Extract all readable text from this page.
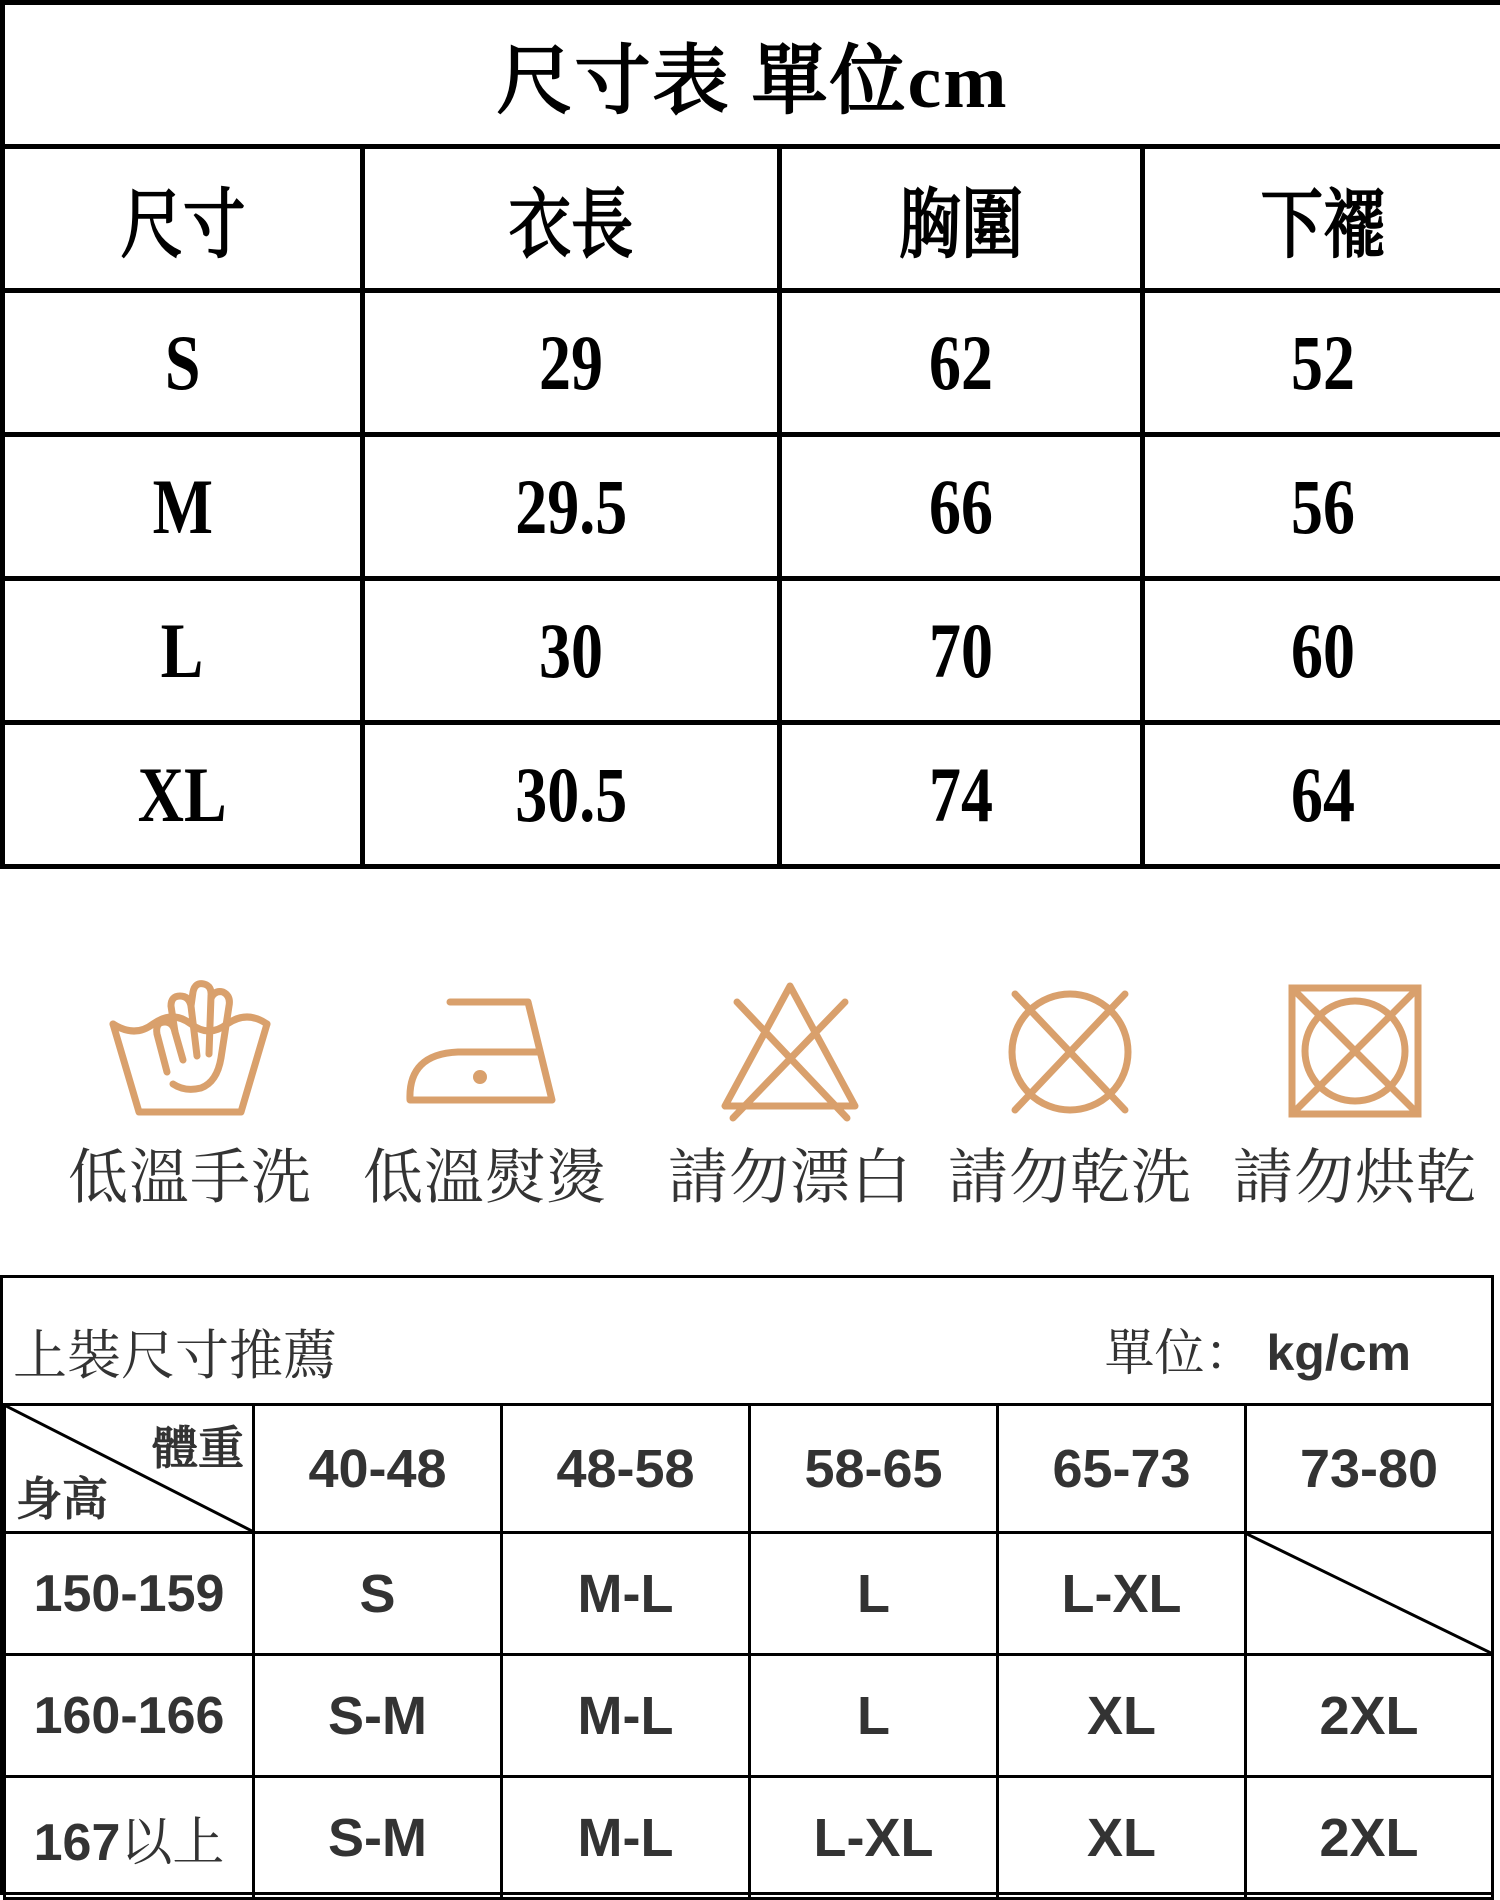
尺寸表 單位cm			
尺寸	衣長	胸圍	下襬
S	29	62	52
M	29.5	66	56
L	30	70	60
XL	30.5	74	64
低溫手洗 低溫熨燙	請勿漂白 請勿乾洗 請勿烘乾
上裝尺寸推薦	單位： kg/cm
體重
身高	40-48	48-58	58-65	65-73	73-80
150-159	S	M-L	L	L-XL	

160-166	S-M	M-L	L	XL	2XL
167以上	S-M	M-L	L-XL	XL	2XL
